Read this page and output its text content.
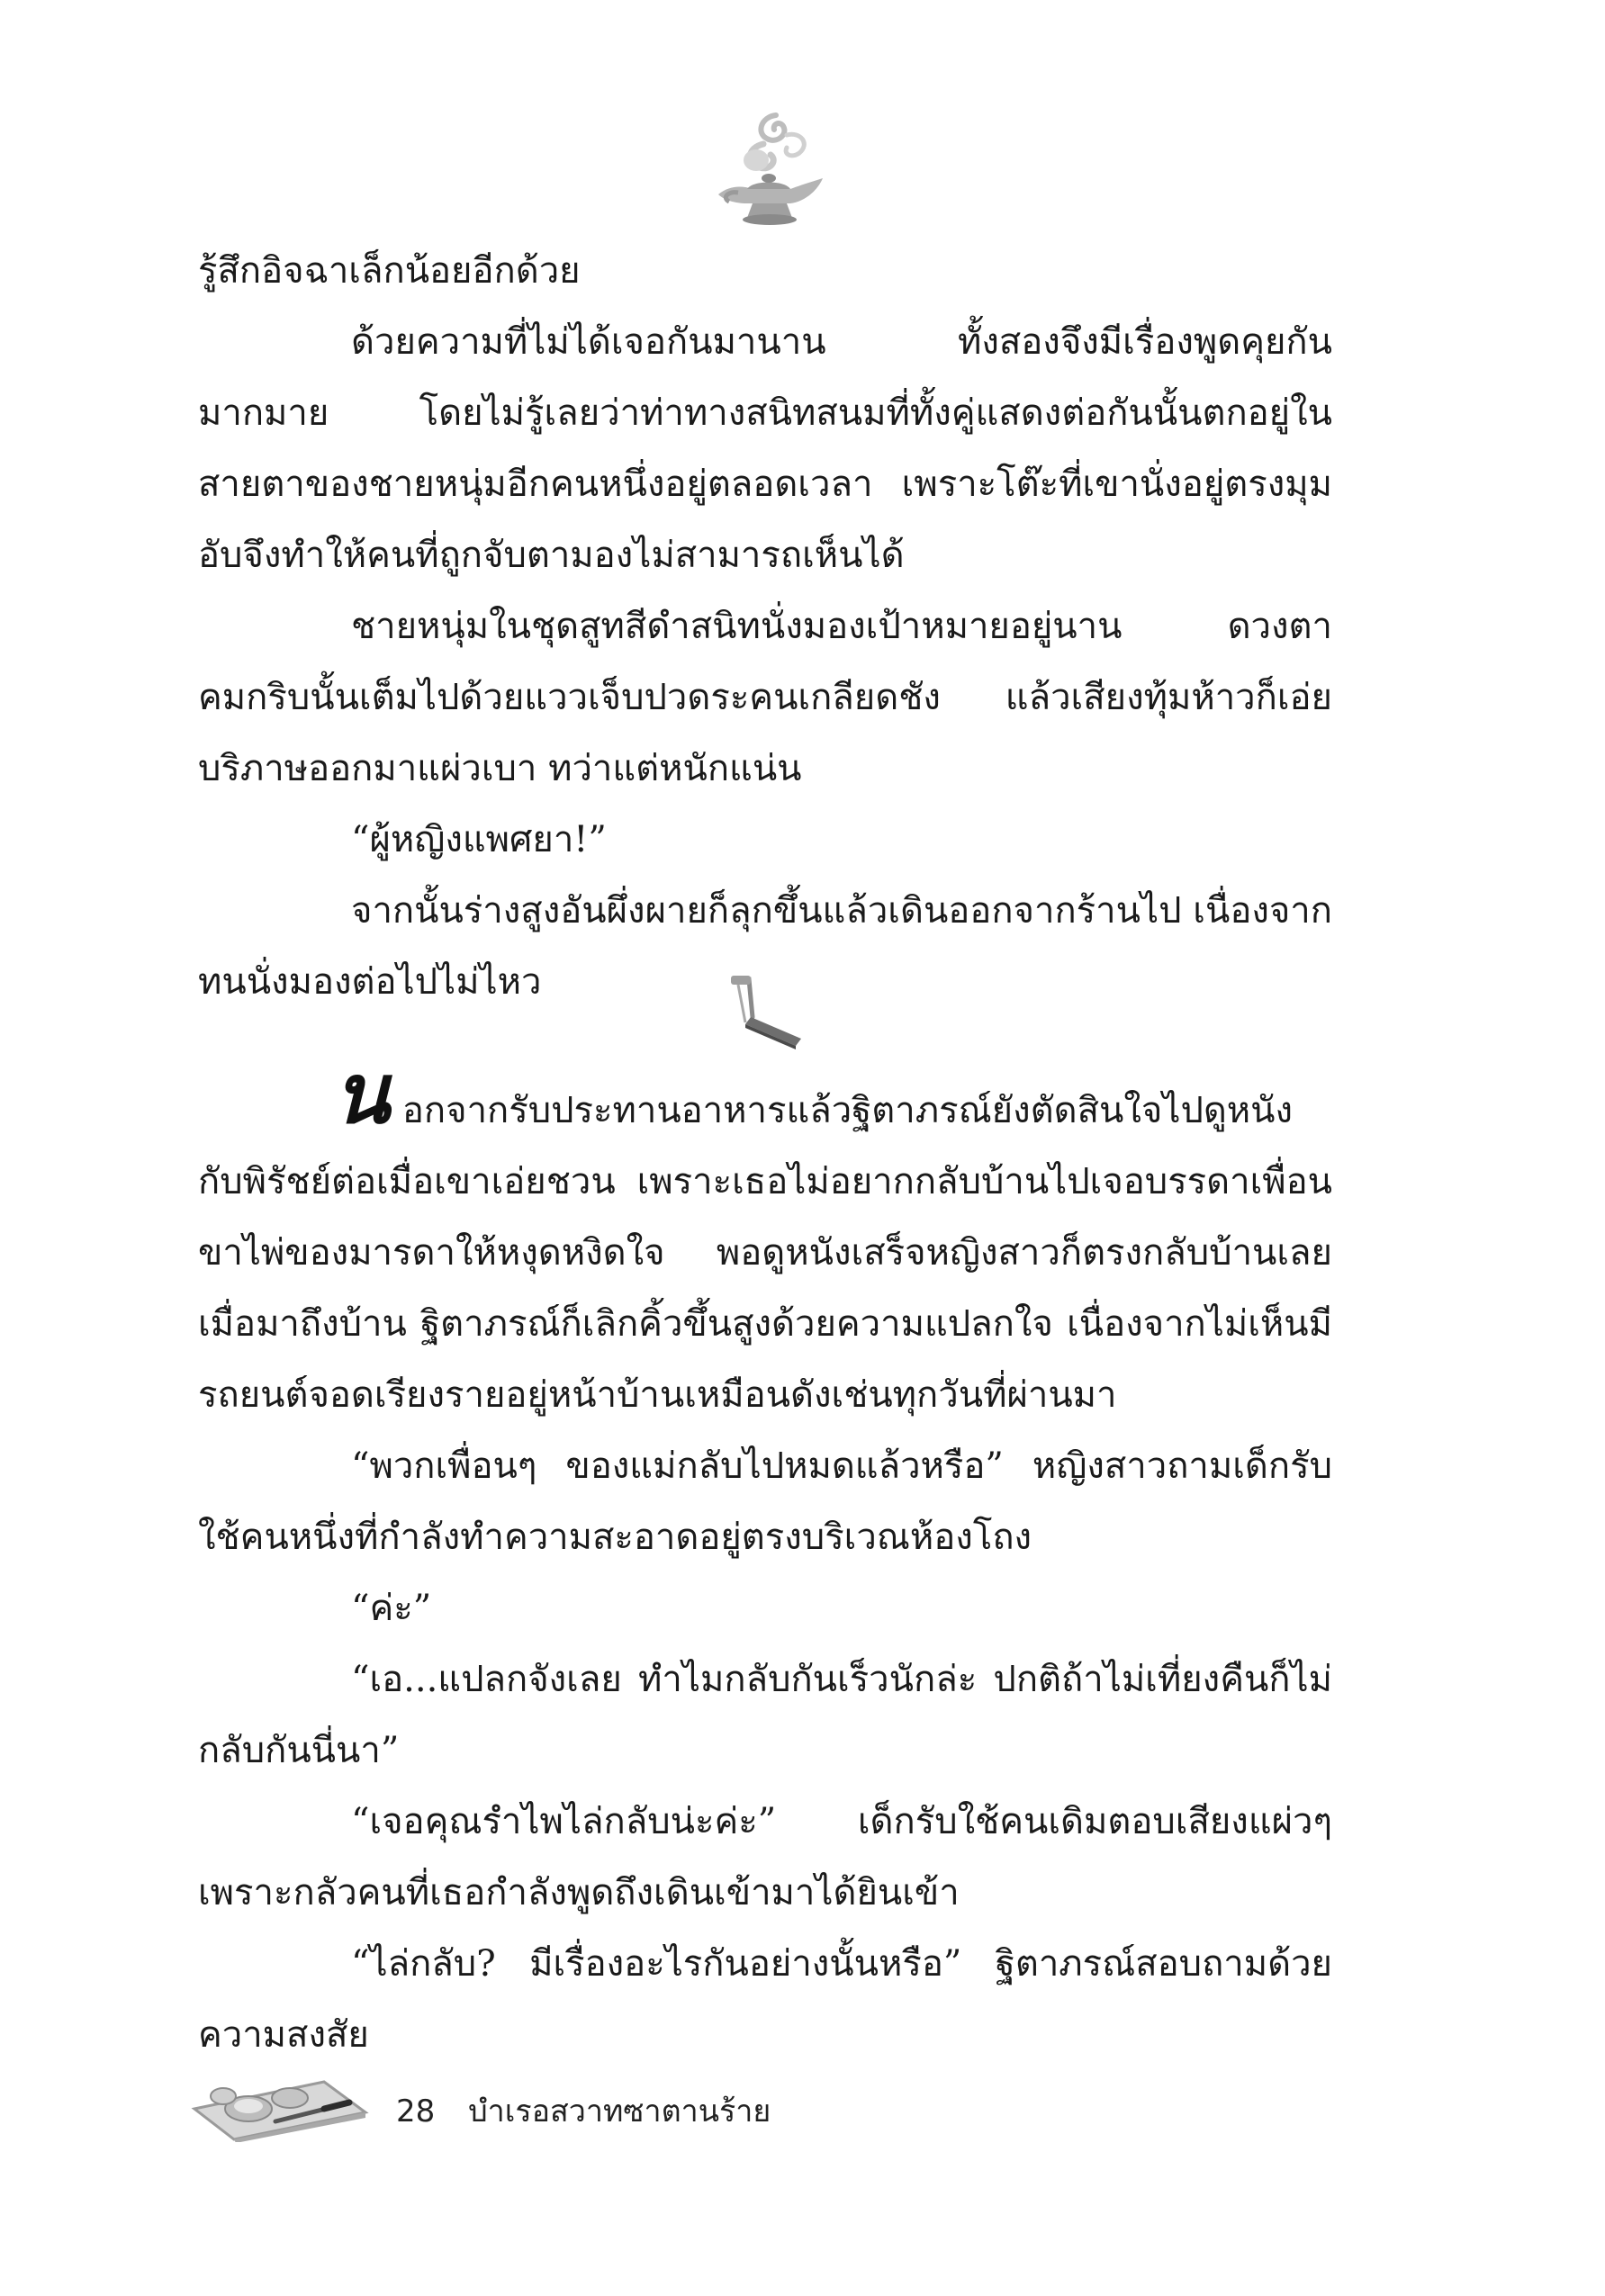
รู้สึกอิจฉาเล็กน้อยอีกด้วย

ด้วยความที่ไม่ได้เจอกันมานาน ทั้งสองจึงมีเรื่องพูดคุยกันมากมาย โดยไม่รู้เลยว่าท่าทางสนิทสนมที่ทั้งคู่แสดงต่อกันนั้นตกอยู่ในสายตาของชายหนุ่มอีกคนหนึ่งอยู่ตลอดเวลา เพราะโต๊ะที่เขานั่งอยู่ตรงมุมอับจึงทำให้คนที่ถูกจับตามองไม่สามารถเห็นได้

ชายหนุ่มในชุดสูทสีดำสนิทนั่งมองเป้าหมายอยู่นาน ดวงตาคมกริบนั้นเต็มไปด้วยแววเจ็บปวดระคนเกลียดชัง แล้วเสียงทุ้มห้าวก็เอ่ยบริภาษออกมาแผ่วเบา ทว่าแต่หนักแน่น

“ผู้หญิงแพศยา!”

จากนั้นร่างสูงอันผึ่งผายก็ลุกขึ้นแล้วเดินออกจากร้านไป เนื่องจากทนนั่งมองต่อไปไม่ไหว

นอกจากรับประทานอาหารแล้วฐิตาภรณ์ยังตัดสินใจไปดูหนังกับพิรัชย์ต่อเมื่อเขาเอ่ยชวน เพราะเธอไม่อยากกลับบ้านไปเจอบรรดาเพื่อนขาไพ่ของมารดาให้หงุดหงิดใจ พอดูหนังเสร็จหญิงสาวก็ตรงกลับบ้านเลย เมื่อมาถึงบ้าน ฐิตาภรณ์ก็เลิกคิ้วขึ้นสูงด้วยความแปลกใจ เนื่องจากไม่เห็นมีรถยนต์จอดเรียงรายอยู่หน้าบ้านเหมือนดังเช่นทุกวันที่ผ่านมา

“พวกเพื่อนๆ ของแม่กลับไปหมดแล้วหรือ” หญิงสาวถามเด็กรับใช้คนหนึ่งที่กำลังทำความสะอาดอยู่ตรงบริเวณห้องโถง

“ค่ะ”

“เอ...แปลกจังเลย ทำไมกลับกันเร็วนักล่ะ ปกติถ้าไม่เที่ยงคืนก็ไม่กลับกันนี่นา”

“เจอคุณรำไพไล่กลับน่ะค่ะ” เด็กรับใช้คนเดิมตอบเสียงแผ่วๆ เพราะกลัวคนที่เธอกำลังพูดถึงเดินเข้ามาได้ยินเข้า

“ไล่กลับ? มีเรื่องอะไรกันอย่างนั้นหรือ” ฐิตาภรณ์สอบถามด้วยความสงสัย

28 บำเรอสวาทซาตานร้าย
